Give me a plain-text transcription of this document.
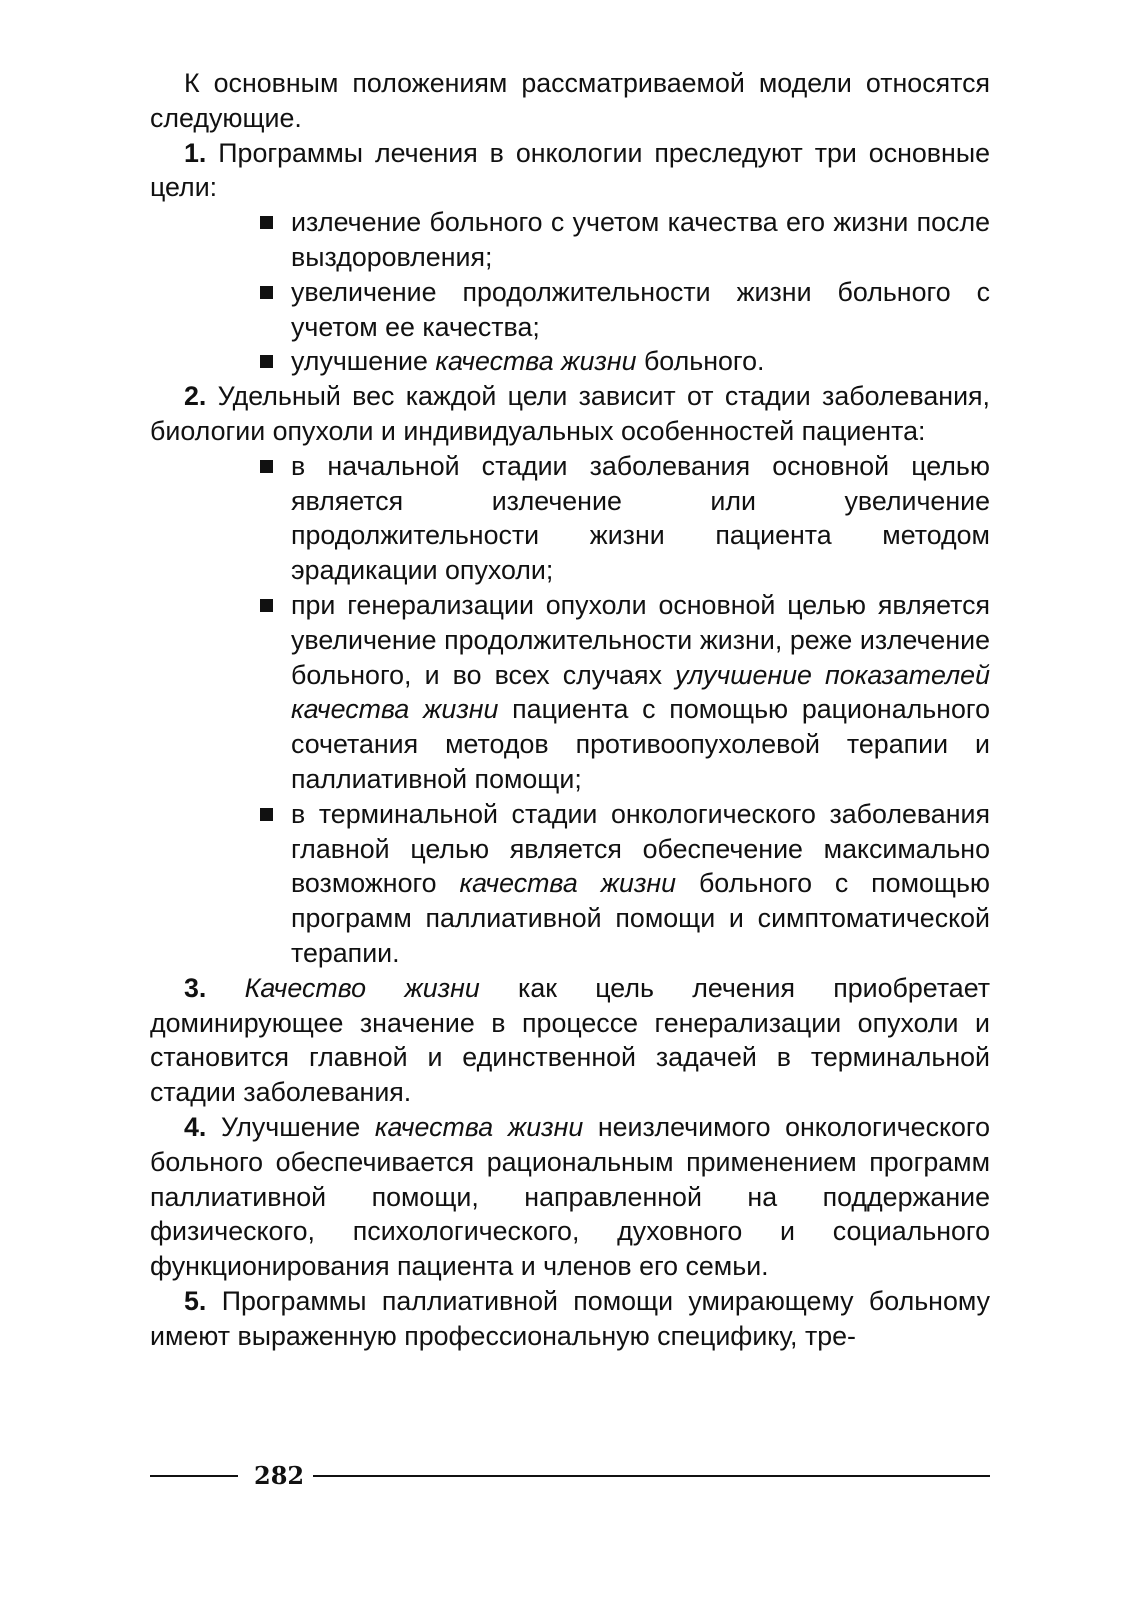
К основным положениям рассматриваемой модели относятся следующие.

1. Программы лечения в онкологии преследуют три основные цели:

излечение больного с учетом качества его жизни после выздоровления;
увеличение продолжительности жизни больного с учетом ее качества;
улучшение качества жизни больного.

2. Удельный вес каждой цели зависит от стадии заболевания, биологии опухоли и индивидуальных особенностей пациента:

в начальной стадии заболевания основной целью является излечение или увеличение продолжительности жизни пациента методом эрадикации опухоли;
при генерализации опухоли основной целью является увеличение продолжительности жизни, реже излечение больного, и во всех случаях улучшение показателей качества жизни пациента с помощью рационального сочетания методов противоопухолевой терапии и паллиативной помощи;
в терминальной стадии онкологического заболевания главной целью является обеспечение максимально возможного качества жизни больного с помощью программ паллиативной помощи и симптоматической терапии.

3. Качество жизни как цель лечения приобретает доминирующее значение в процессе генерализации опухоли и становится главной и единственной задачей в терминальной стадии заболевания.

4. Улучшение качества жизни неизлечимого онкологического больного обеспечивается рациональным применением программ паллиативной помощи, направленной на поддержание физического, психологического, духовного и социального функционирования пациента и членов его семьи.

5. Программы паллиативной помощи умирающему больному имеют выраженную профессиональную специфику, тре-

282
